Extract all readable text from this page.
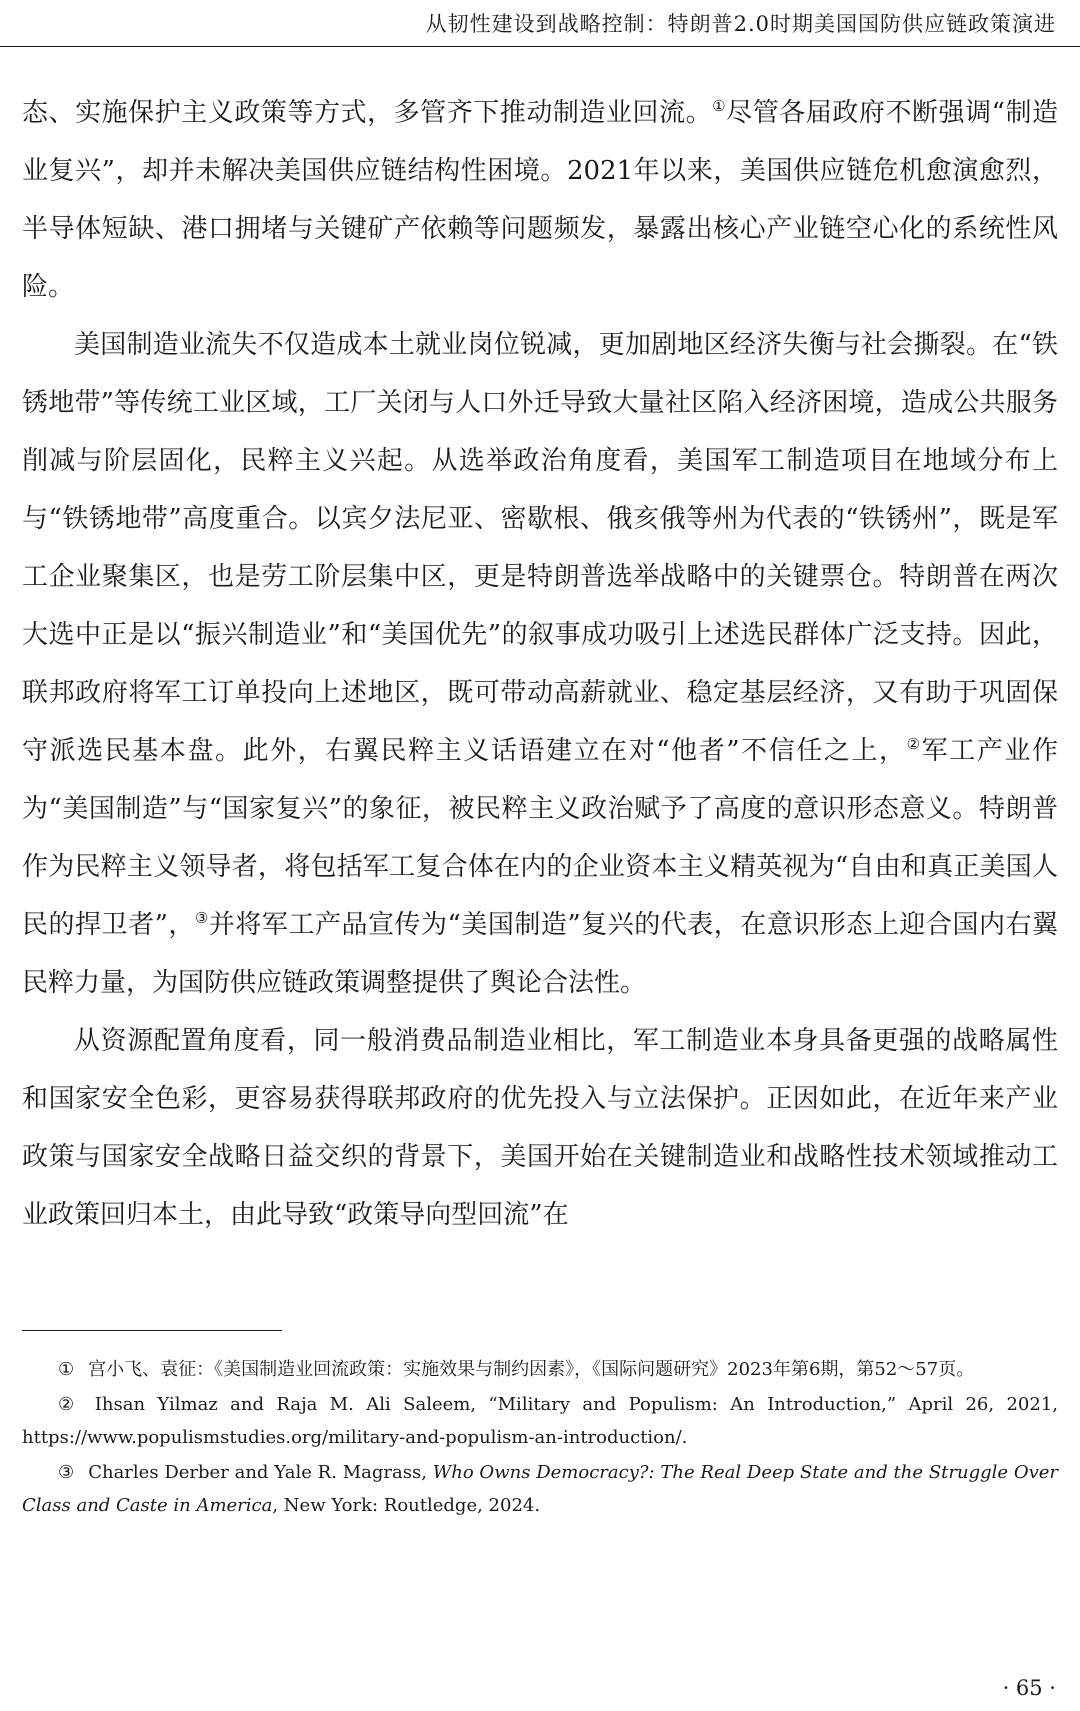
从韧性建设到战略控制：特朗普2.0时期美国国防供应链政策演进

态、实施保护主义政策等方式，多管齐下推动制造业回流。①尽管各届政府不断强调“制造业复兴”，却并未解决美国供应链结构性困境。2021年以来，美国供应链危机愈演愈烈，半导体短缺、港口拥堵与关键矿产依赖等问题频发，暴露出核心产业链空心化的系统性风险。

美国制造业流失不仅造成本土就业岗位锐减，更加剧地区经济失衡与社会撕裂。在“铁锈地带”等传统工业区域，工厂关闭与人口外迁导致大量社区陷入经济困境，造成公共服务削减与阶层固化，民粹主义兴起。从选举政治角度看，美国军工制造项目在地域分布上与“铁锈地带”高度重合。以宾夕法尼亚、密歇根、俄亥俄等州为代表的“铁锈州”，既是军工企业聚集区，也是劳工阶层集中区，更是特朗普选举战略中的关键票仓。特朗普在两次大选中正是以“振兴制造业”和“美国优先”的叙事成功吸引上述选民群体广泛支持。因此，联邦政府将军工订单投向上述地区，既可带动高薪就业、稳定基层经济，又有助于巩固保守派选民基本盘。此外，右翼民粹主义话语建立在对“他者”不信任之上，②军工产业作为“美国制造”与“国家复兴”的象征，被民粹主义政治赋予了高度的意识形态意义。特朗普作为民粹主义领导者，将包括军工复合体在内的企业资本主义精英视为“自由和真正美国人民的捍卫者”，③并将军工产品宣传为“美国制造”复兴的代表，在意识形态上迎合国内右翼民粹力量，为国防供应链政策调整提供了舆论合法性。

从资源配置角度看，同一般消费品制造业相比，军工制造业本身具备更强的战略属性和国家安全色彩，更容易获得联邦政府的优先投入与立法保护。正因如此，在近年来产业政策与国家安全战略日益交织的背景下，美国开始在关键制造业和战略性技术领域推动工业政策回归本土，由此导致“政策导向型回流”在

① 宫小飞、袁征：《美国制造业回流政策：实施效果与制约因素》，《国际问题研究》2023年第6期，第52～57页。

② Ihsan Yilmaz and Raja M. Ali Saleem, “Military and Populism: An Introduction,” April 26, 2021, https://www.populismstudies.org/military-and-populism-an-introduction/.

③ Charles Derber and Yale R. Magrass, Who Owns Democracy?: The Real Deep State and the Struggle Over Class and Caste in America, New York: Routledge, 2024.

· 65 ·
